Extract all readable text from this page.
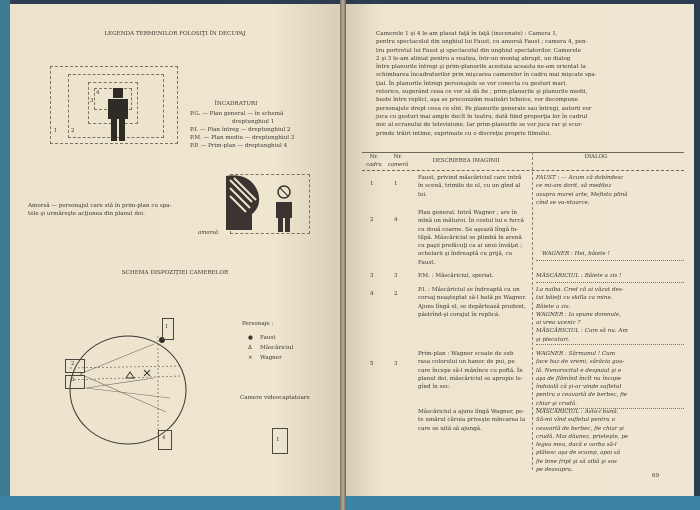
LEGENDA TERMENILOR FOLOSIŢI ÎN DECUPAJ
1	2
3
4
ÎNCADRATURI
P.G. — Plan general — în schemă
dreptunghiul 1
P.I. — Plan întreg — dreptunghiul 2
P.M. — Plan mediu — dreptunghiul 3
P.P. — Prim-plan — dreptunghiul 4
amorsă
Amorsă — personajul care stă în prim-plan cu spa-
tele şi urmăreşte acţiunea din planul doi.
SCHEMA DISPOZIŢIEI CAMERELOR
1
2
3
4
Personaje :
● Faust
∆ Măscăriciul
× Wagner
Camere videocaptatoare
1
Camerele 1 şi 4 le-am plasat faţă în faţă (inscenate) : Camera 1,
pentru spectacolul din unghiul lui Faust, cu amorsă Faust ; camera 4, pen-
tru portretul lui Faust şi spectacolul din unghiul spectatorilor. Camerele
2 şi 3 le-am aliniat pentru a realiza, într-un montaj abrupt, un dialog
între planurile întregi şi prim-planurile acestuia aceasta ne-am orientat la
schimbarea încadraturilor prin mişcarea camerelor în cadru mai mişcate spa-
ţial. În planurile întregi personajele se vor conecta cu gesturi mari,
retorice, sugerând ceea ce vor să dă fie ; prim-planurile şi planurile medii,
baste între replici, aşa se preconizăm realizări tehnice, vor decompune
personajele drept ceea ce sînt. Pe planurile generale sau întregi, autorii vor
juca cu gesturi mai ample decît în teatru, dată fiind proporţia lor în cadrul
mic al ecranului de televiziune. Iar prim-planurile se vor juca rar şi scur-
prinde trăiri intime, exprimate cu o discreţie proprie filmului.
Nr.
cadru
Nr.
cameră
DESCRIEREA IMAGINII
DIALOG
1	1
Faust, privind măscăriciul care intră
în scenă, trimite de el, cu un gînd al
lui.
FAUST : — Acum că dobîndesc
ce mi-am dorit, să meditez
asupra marei arte, Mefisto plină
cînd se va-ntoarce.
2	4
Plan general. Intră Wagner ; are în
mînă un măturoi. În costul lui e furcă
cu două coarne. Se aşează lîngă în-
tîlpă. Măscăriciul se plimbă în arenă
cu paşii prefăcuţi ca ai unui învăţat ;
ochelarii şi îndreaptă cu grijă, cu
Faust.
WAGNER : Hei, băiete !
3	3	P.M. : Măscăriciul, speriat.	MĂSCĂRICIUL : Băiete a zis !
4	2
P.I. : Măscăriciul se îndreaptă cu un
corsaj neaşteptat să-l bată pe Wagner.
Ajuns lîngă el, se depărtează prudent,
păstrînd-şi corajul în replică.
La naiba. Cred că ai văzut des-
tui băieţi cu skilla ca mine.
Băiete a zis.
WAGNER : Ia spune domnule,
ai vreo ucenic ?
MĂSCĂRICIUL : Cum să nu. Am
şi plecaturi.
5	3
Prim-plan : Wagner scoate de sub
rasa colorului un hanoc de pui, pe
care începe să-l mănînce cu poftă. În
planul doi, măscăriciul se apropie le-
gînd în sec.
WAGNER : Sărmanul ! Cum
face haz de vremi, sărăcia goa-
lă. Nenorocitul e despuiat şi e
aşa de flămînd încît nu încape
îndoială că şi-ar vinde sufletul
pentru o ceavartă de berbec, fie
chiar şi crudă.
Măscăriciul a ajuns lîngă Wagner, pe-
te umărul căruia priveşte mîncarea la
care se uită să ajungă.
MĂSCĂRICIUL : Asta-i bună.
Să-mi vînd sufletul pentru o
ceavartă de berbec, fie chiar şi
crudă. Mai dăunez, prieteşte, pe
legea mea, dacă e vorba să-l
plătesc aşa de scump, apoi să
fie bine fript şi să aibă şi sos
pe deasupra.
69
